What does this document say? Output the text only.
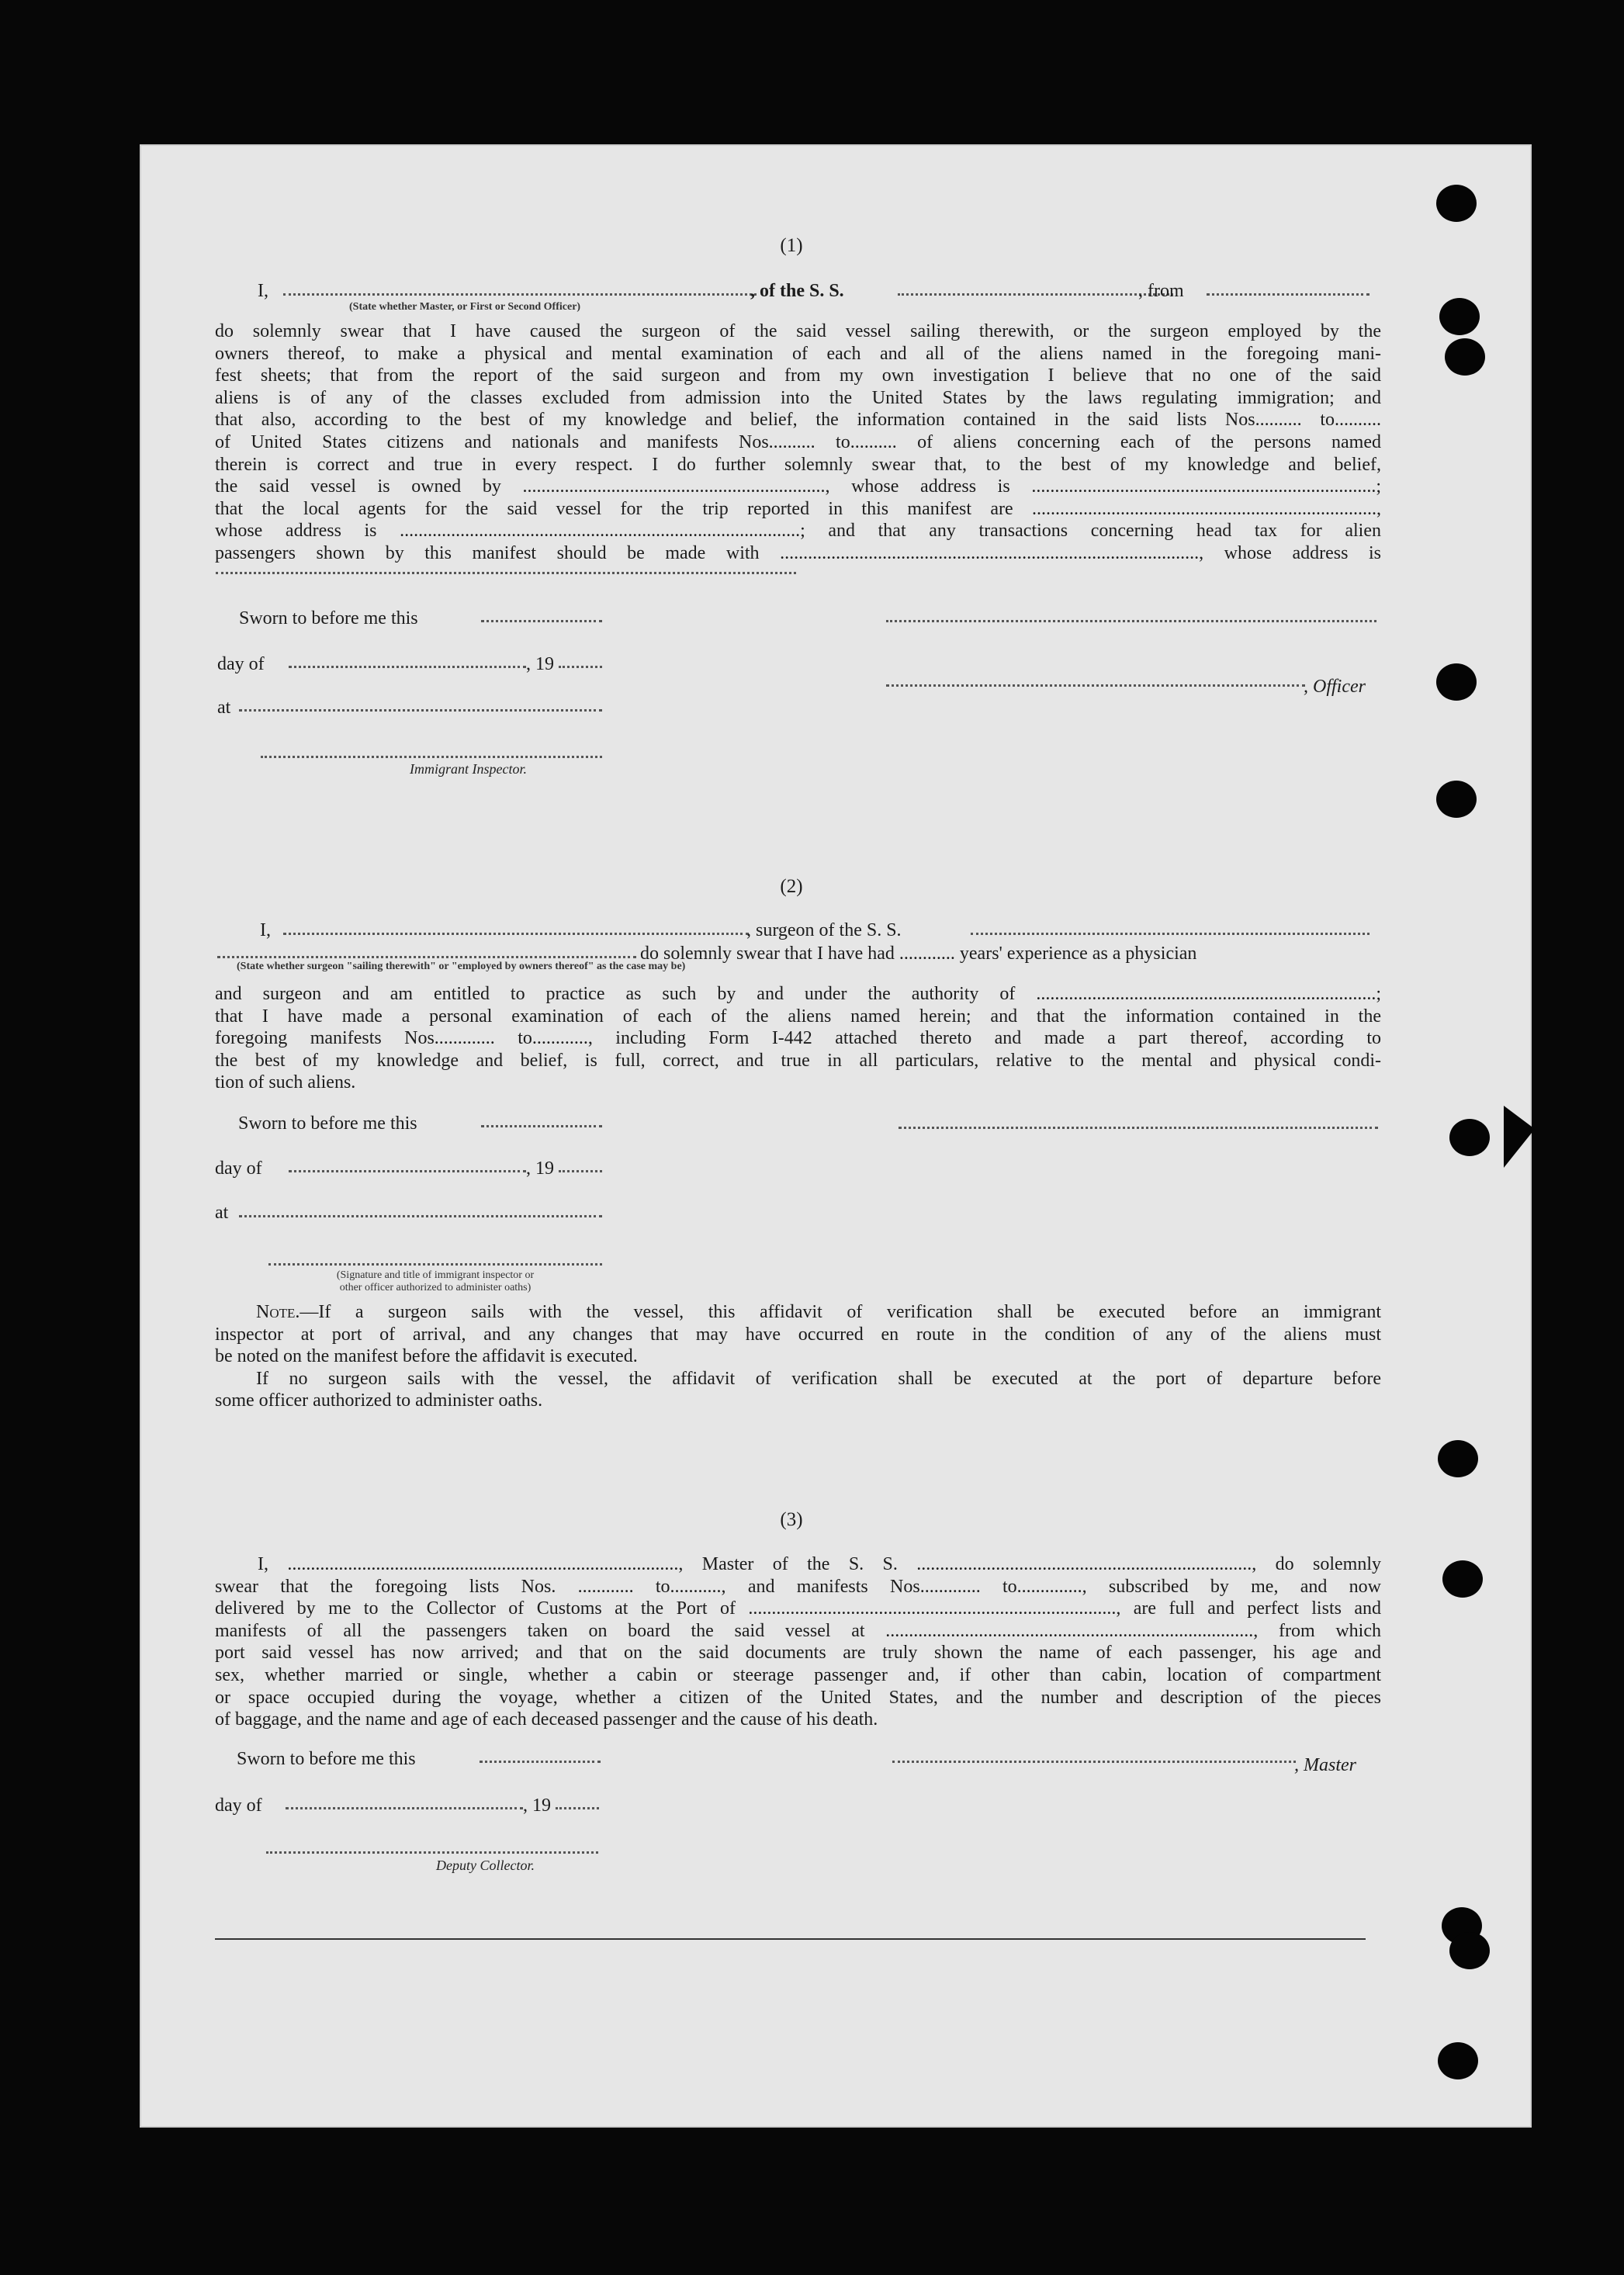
(1)
I,	, of the S. S.	, from
(State whether Master, or First or Second Officer)
do solemnly swear that I have caused the surgeon of the said vessel sailing therewith, or the surgeon employed by the
owners thereof, to make a physical and mental examination of each and all of the aliens named in the foregoing mani-
fest sheets; that from the report of the said surgeon and from my own investigation I believe that no one of the said
aliens is of any of the classes excluded from admission into the United States by the laws regulating immigration; and
that also, according to the best of my knowledge and belief, the information contained in the said lists Nos.......... to..........
of United States citizens and nationals and manifests Nos.......... to.......... of aliens concerning each of the persons named
therein is correct and true in every respect. I do further solemnly swear that, to the best of my knowledge and belief,
the said vessel is owned by ................................................................., whose address is ..........................................................................;
that the local agents for the said vessel for the trip reported in this manifest are ..........................................................................,
whose address is ......................................................................................; and that any transactions concerning head tax for alien
passengers shown by this manifest should be made with .........................................................................................., whose address is
Sworn to before me this
day of	, 19
, Officer
at
Immigrant Inspector.
(2)
I,	, surgeon of the S. S.
do solemnly swear that I have had ............ years' experience as a physician
(State whether surgeon "sailing therewith" or "employed by owners thereof" as the case may be)
and surgeon and am entitled to practice as such by and under the authority of .........................................................................;
that I have made a personal examination of each of the aliens named herein; and that the information contained in the
foregoing manifests Nos............. to............, including Form I-442 attached thereto and made a part thereof, according to
the best of my knowledge and belief, is full, correct, and true in all particulars, relative to the mental and physical condi-
tion of such aliens.
Sworn to before me this
day of	, 19
at
(Signature and title of immigrant inspector or
other officer authorized to administer oaths)
Note.—If a surgeon sails with the vessel, this affidavit of verification shall be executed before an immigrant
inspector at port of arrival, and any changes that may have occurred en route in the condition of any of the aliens must
be noted on the manifest before the affidavit is executed.
If no surgeon sails with the vessel, the affidavit of verification shall be executed at the port of departure before
some officer authorized to administer oaths.
(3)
I, ...................................................................................., Master of the S. S. ........................................................................, do solemnly
swear that the foregoing lists Nos. ............ to..........., and manifests Nos............. to.............., subscribed by me, and now
delivered by me to the Collector of Customs at the Port of ..............................................................................., are full and perfect lists and
manifests of all the passengers taken on board the said vessel at ..............................................................................., from which
port said vessel has now arrived; and that on the said documents are truly shown the name of each passenger, his age and
sex, whether married or single, whether a cabin or steerage passenger and, if other than cabin, location of compartment
or space occupied during the voyage, whether a citizen of the United States, and the number and description of the pieces
of baggage, and the name and age of each deceased passenger and the cause of his death.
Sworn to before me this	, Master
day of	, 19
Deputy Collector.
